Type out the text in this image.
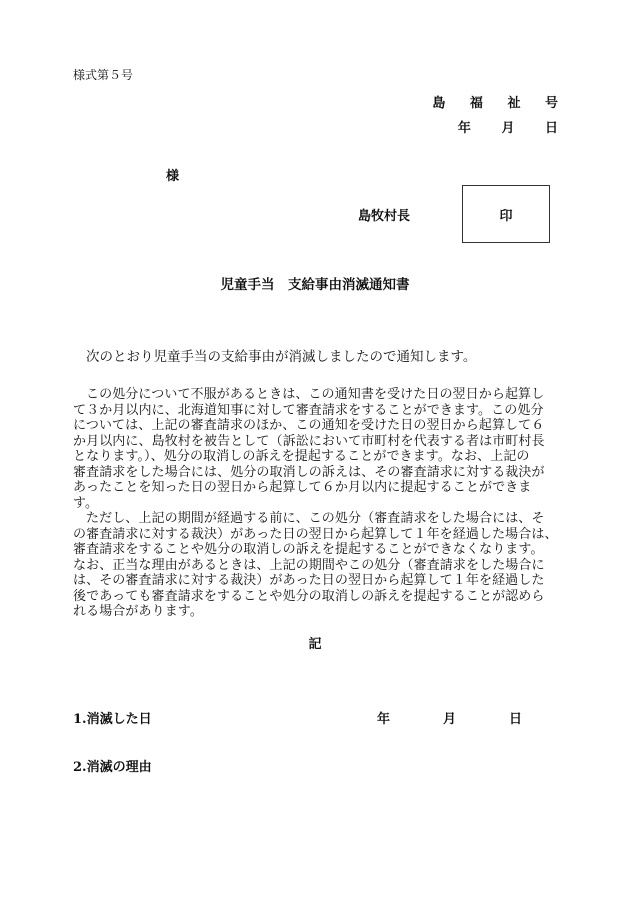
様式第５号
島 福 祉 号
年 月 日
様
島牧村長	印
児童手当　支給事由消滅通知書
次のとおり児童手当の支給事由が消滅しましたので通知します。

この処分について不服があるときは、この通知書を受けた日の翌日から起算し
て３か月以内に、北海道知事に対して審査請求をすることができます。この処分
については、上記の審査請求のほか、この通知を受けた日の翌日から起算して６
か月以内に、島牧村を被告として（訴訟において市町村を代表する者は市町村長
となります。）、処分の取消しの訴えを提起することができます。なお、上記の
審査請求をした場合には、処分の取消しの訴えは、その審査請求に対する裁決が
あったことを知った日の翌日から起算して６か月以内に提起することができま
す。

ただし、上記の期間が経過する前に、この処分（審査請求をした場合には、そ
の審査請求に対する裁決）があった日の翌日から起算して１年を経過した場合は、
審査請求をすることや処分の取消しの訴えを提起することができなくなります。
なお、正当な理由があるときは、上記の期間やこの処分（審査請求をした場合に
は、その審査請求に対する裁決）があった日の翌日から起算して１年を経過した
後であっても審査請求をすることや処分の取消しの訴えを提起することが認めら
れる場合があります。

記
1.消滅した日	年	月	日
2.消滅の理由
